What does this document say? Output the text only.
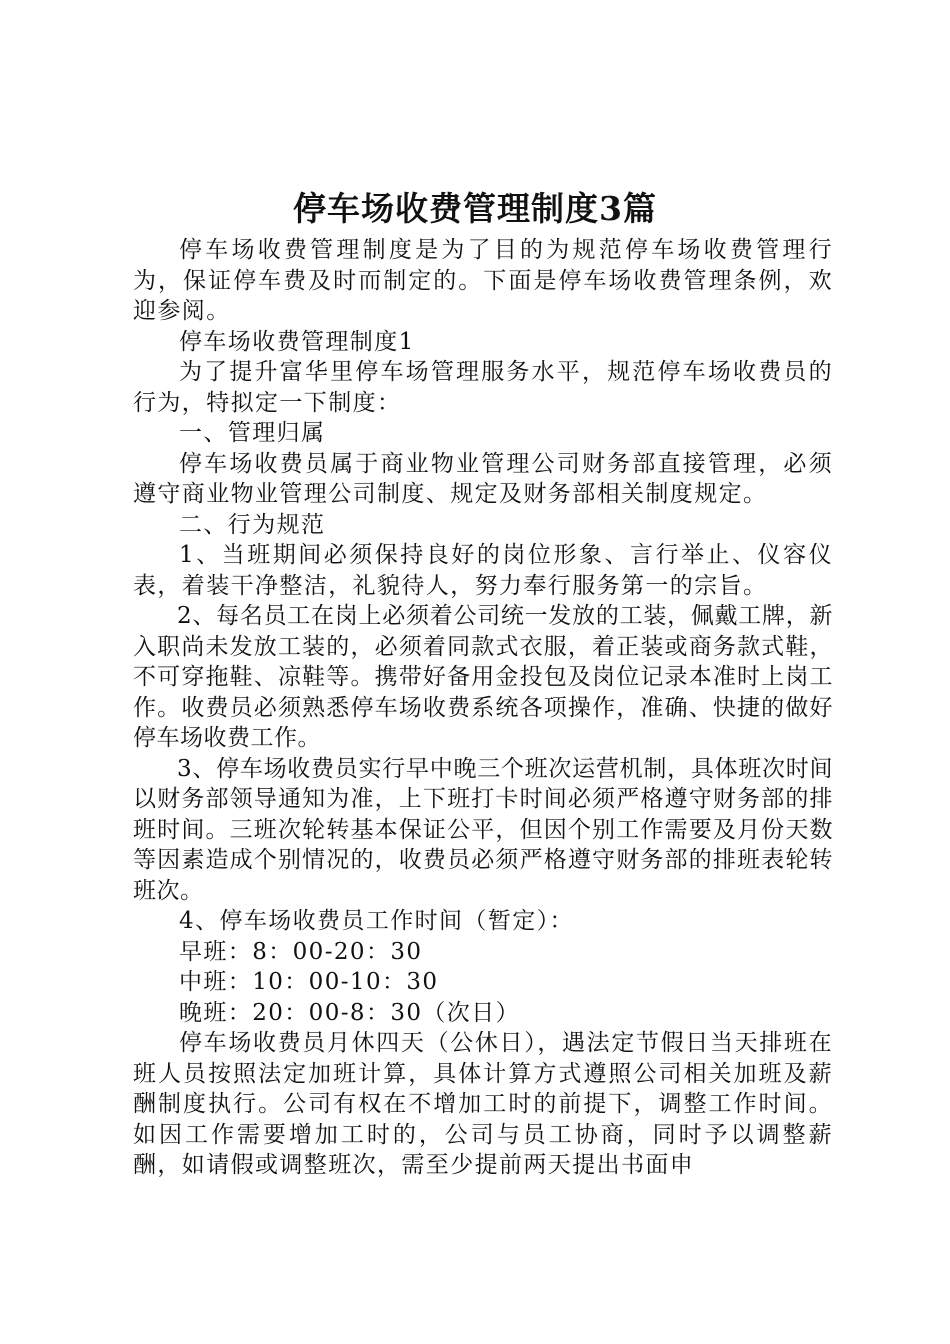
停车场收费管理制度3篇

停车场收费管理制度是为了目的为规范停车场收费管理行为，保证停车费及时而制定的。下面是停车场收费管理条例，欢迎参阅。

停车场收费管理制度1

为了提升富华里停车场管理服务水平，规范停车场收费员的行为，特拟定一下制度：

一、管理归属

停车场收费员属于商业物业管理公司财务部直接管理，必须遵守商业物业管理公司制度、规定及财务部相关制度规定。

二、行为规范

1、当班期间必须保持良好的岗位形象、言行举止、仪容仪表，着装干净整洁，礼貌待人，努力奉行服务第一的宗旨。

2、每名员工在岗上必须着公司统一发放的工装，佩戴工牌，新入职尚未发放工装的，必须着同款式衣服，着正装或商务款式鞋，不可穿拖鞋、凉鞋等。携带好备用金投包及岗位记录本准时上岗工作。收费员必须熟悉停车场收费系统各项操作，准确、快捷的做好停车场收费工作。

3、停车场收费员实行早中晚三个班次运营机制，具体班次时间以财务部领导通知为准，上下班打卡时间必须严格遵守财务部的排班时间。三班次轮转基本保证公平，但因个别工作需要及月份天数等因素造成个别情况的，收费员必须严格遵守财务部的排班表轮转班次。

4、停车场收费员工作时间（暂定）：

早班：8：00-20：30

中班：10：00-10：30

晚班：20：00-8：30（次日）

停车场收费员月休四天（公休日），遇法定节假日当天排班在班人员按照法定加班计算，具体计算方式遵照公司相关加班及薪酬制度执行。公司有权在不增加工时的前提下，调整工作时间。如因工作需要增加工时的，公司与员工协商，同时予以调整薪酬，如请假或调整班次，需至少提前两天提出书面申
